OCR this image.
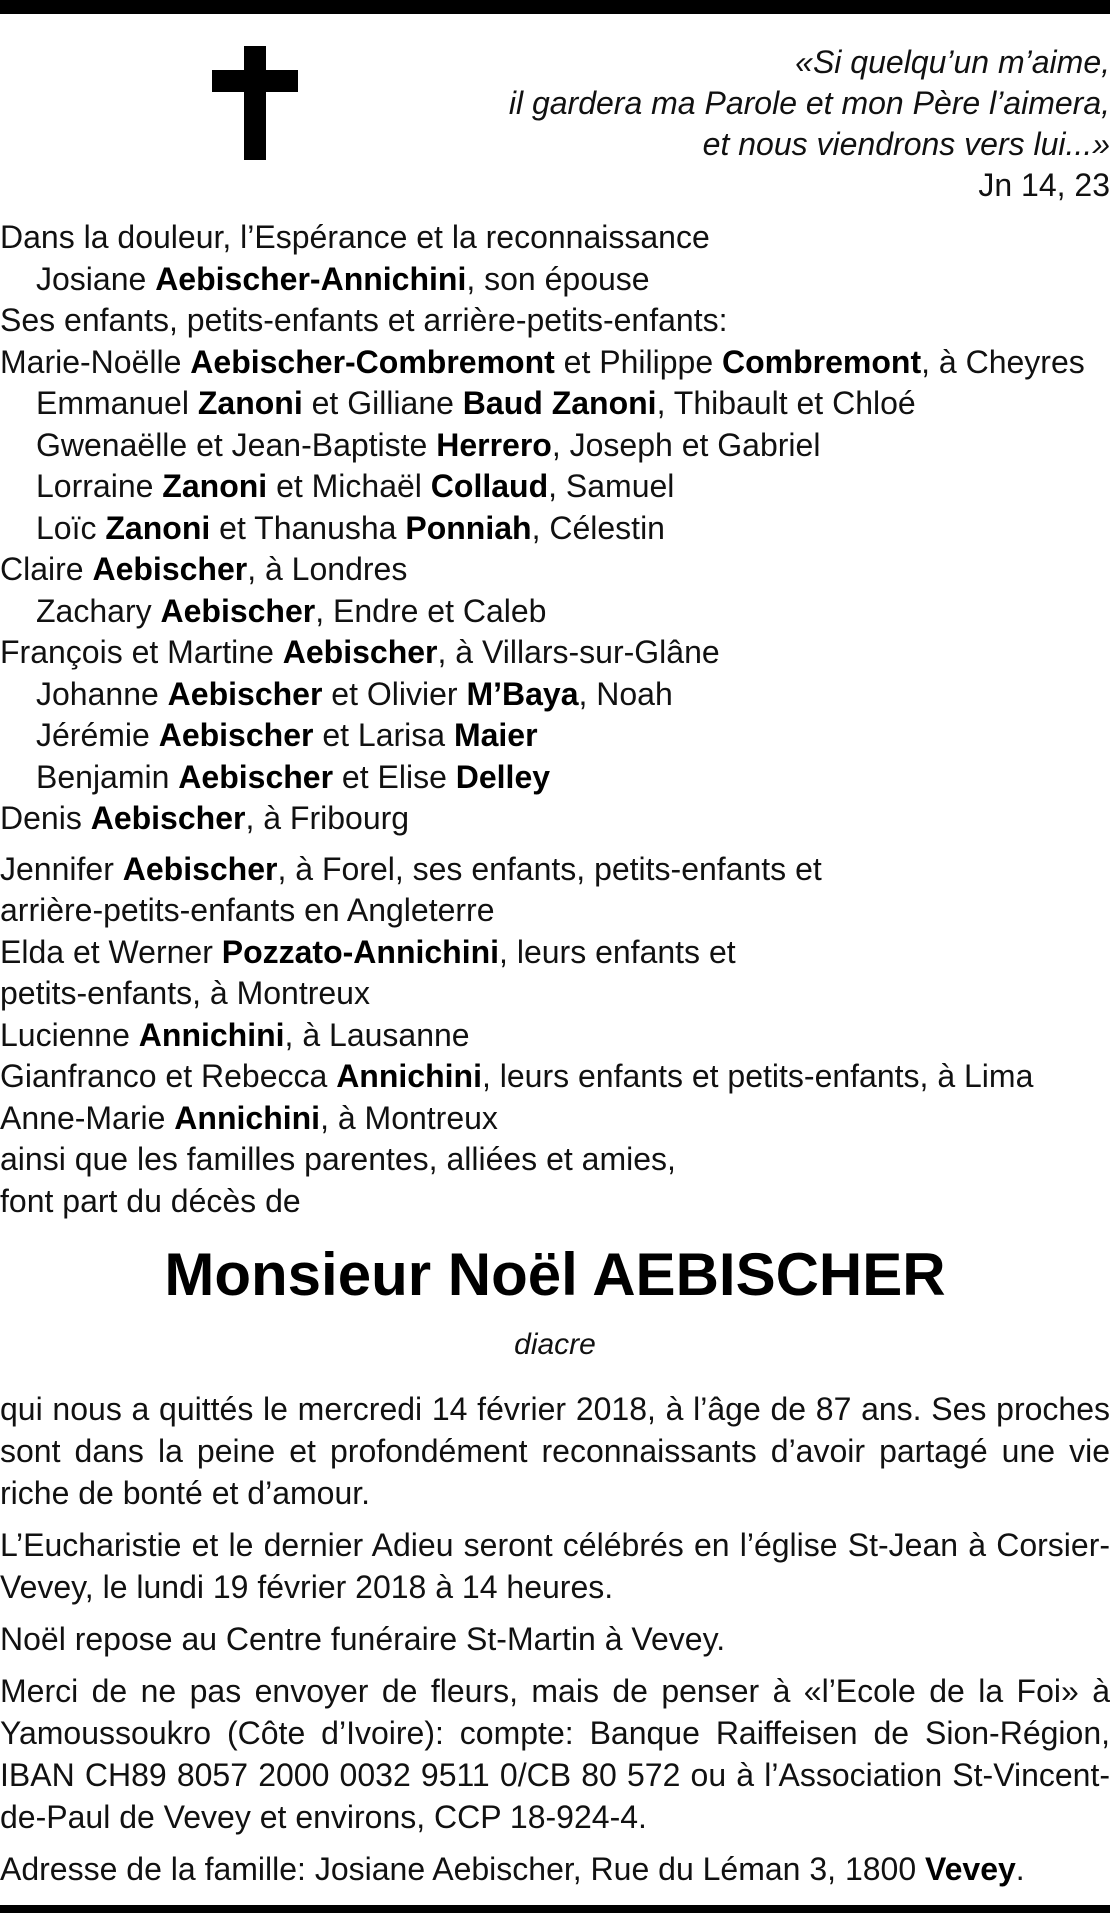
«Si quelqu’un m’aime,
il gardera ma Parole et mon Père l’aimera,
et nous viendrons vers lui...»
Jn 14, 23
Dans la douleur, l’Espérance et la reconnaissance
Josiane Aebischer-Annichini, son épouse
Ses enfants, petits-enfants et arrière-petits-enfants:
Marie-Noëlle Aebischer-Combremont et Philippe Combremont, à Cheyres
Emmanuel Zanoni et Gilliane Baud Zanoni, Thibault et Chloé
Gwenaëlle et Jean-Baptiste Herrero, Joseph et Gabriel
Lorraine Zanoni et Michaël Collaud, Samuel
Loïc Zanoni et Thanusha Ponniah, Célestin
Claire Aebischer, à Londres
Zachary Aebischer, Endre et Caleb
François et Martine Aebischer, à Villars-sur-Glâne
Johanne Aebischer et Olivier M’Baya, Noah
Jérémie Aebischer et Larisa Maier
Benjamin Aebischer et Elise Delley
Denis Aebischer, à Fribourg
Jennifer Aebischer, à Forel, ses enfants, petits-enfants et
arrière-petits-enfants en Angleterre
Elda et Werner Pozzato-Annichini, leurs enfants et
petits-enfants, à Montreux
Lucienne Annichini, à Lausanne
Gianfranco et Rebecca Annichini, leurs enfants et petits-enfants, à Lima
Anne-Marie Annichini, à Montreux
ainsi que les familles parentes, alliées et amies,
font part du décès de
Monsieur Noël AEBISCHER
diacre

qui nous a quittés le mercredi 14 février 2018, à l’âge de 87 ans. Ses proches sont dans la peine et profondément reconnaissants d’avoir partagé une vie riche de bonté et d’amour.

L’Eucharistie et le dernier Adieu seront célébrés en l’église St-Jean à Corsier-Vevey, le lundi 19 février 2018 à 14 heures.

Noël repose au Centre funéraire St-Martin à Vevey.

Merci de ne pas envoyer de fleurs, mais de penser à «l’Ecole de la Foi» à Yamoussoukro (Côte d’Ivoire): compte: Banque Raiffeisen de Sion-Région, IBAN CH89 8057 2000 0032 9511 0/CB 80 572 ou à l’Association St-Vincent-de-Paul de Vevey et environs, CCP 18-924-4.

Adresse de la famille: Josiane Aebischer, Rue du Léman 3, 1800 Vevey.
